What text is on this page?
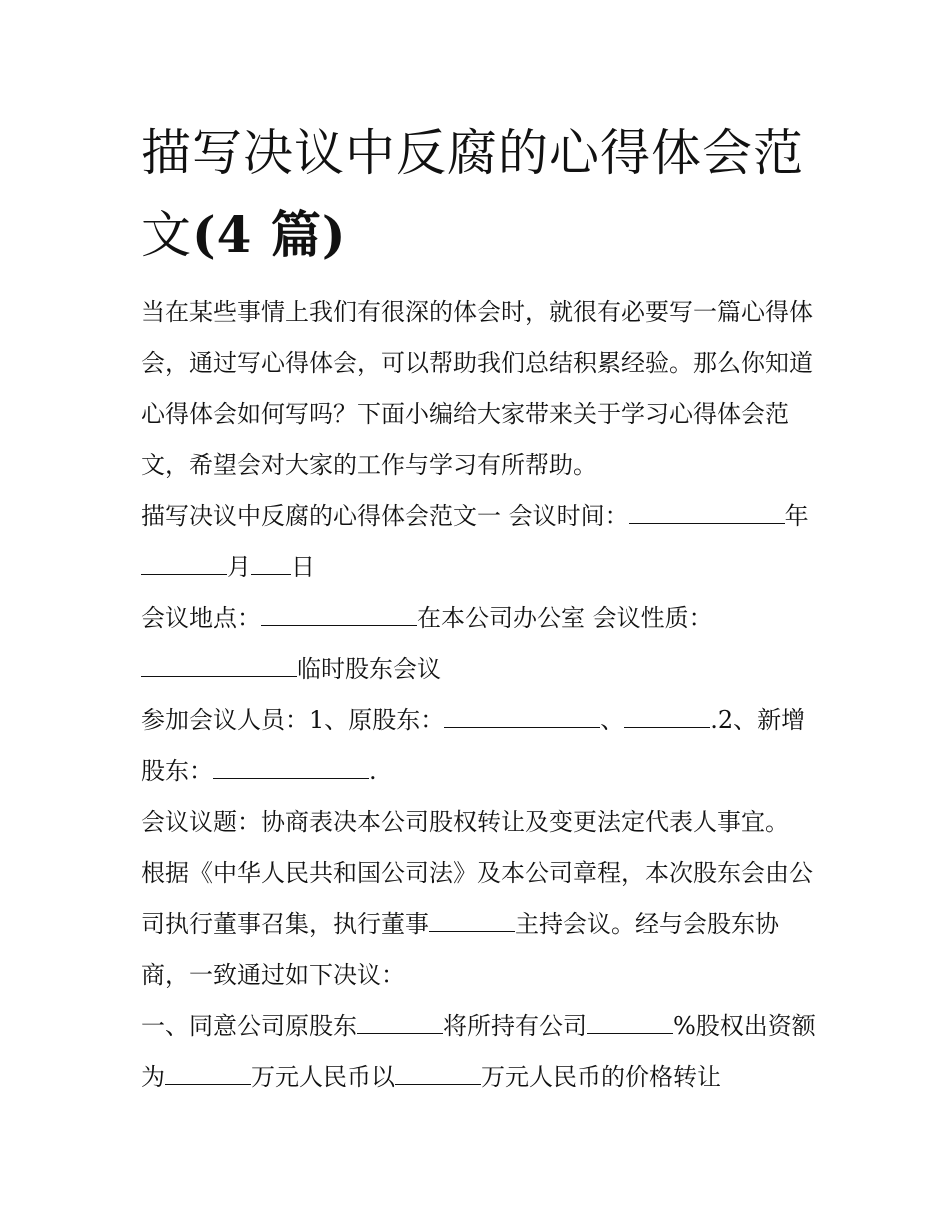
描写决议中反腐的心得体会范
文(4 篇)

当在某些事情上我们有很深的体会时，就很有必要写一篇心得体会，通过写心得体会，可以帮助我们总结积累经验。那么你知道心得体会如何写吗？下面小编给大家带来关于学习心得体会范文，希望会对大家的工作与学习有所帮助。

描写决议中反腐的心得体会范文一 会议时间：	年月 日

会议地点：	在本公司办公室 会议性质：临时股东会议

参加会议人员：1、原股东：	、	.2、新增股东：	.

会议议题：协商表决本公司股权转让及变更法定代表人事宜。

根据《中华人民共和国公司法》及本公司章程，本次股东会由公司执行董事召集，执行董事	主持会议。经与会股东协商，一致通过如下决议：

一、同意公司原股东	将所持有公司	%股权出资额为	万元人民币以	万元人民币的价格转让
